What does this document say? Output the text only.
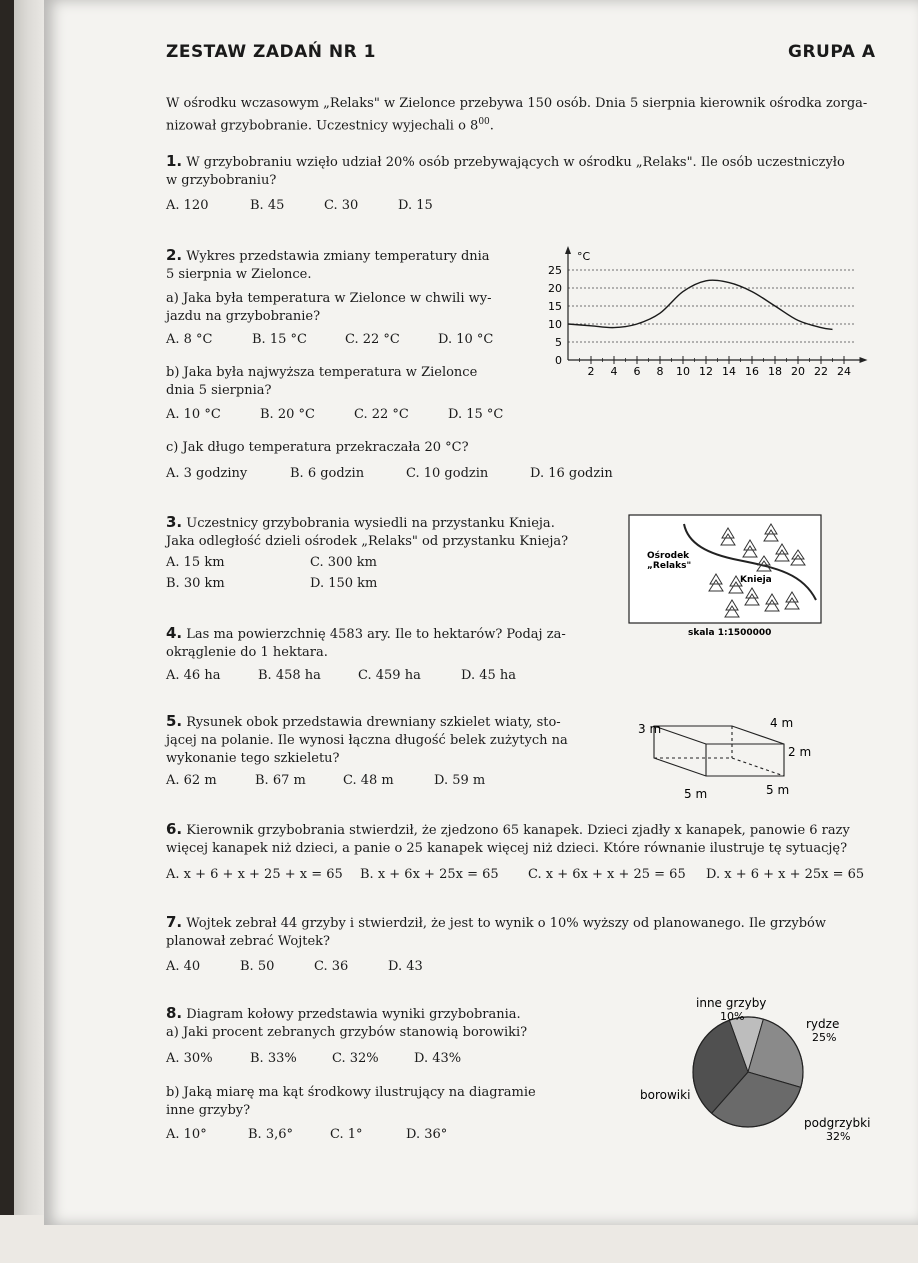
ZESTAW ZADAŃ NR 1	GRUPA A
W ośrodku wczasowym „Relaks" w Zielonce przebywa 150 osób. Dnia 5 sierpnia kierownik ośrodka zorga-
nizował grzybobranie. Uczestnicy wyjechali o $8^{00}$.
1. W grzybobraniu wzięło udział 20% osób przebywających w ośrodku „Relaks". Ile osób uczestniczyło
w grzybobraniu?
A. 120	B. 45	C. 30	D. 15
2. Wykres przedstawia zmiany temperatury dnia
5 sierpnia w Zielonce.
a) Jaka była temperatura w Zielonce w chwili wy-
jazdu na grzybobranie?
A. 8 °C	B. 15 °C	C. 22 °C	D. 10 °C
b) Jaka była najwyższa temperatura w Zielonce
dnia 5 sierpnia?
A. 10 °C	B. 20 °C	C. 22 °C	D. 15 °C
c) Jak długo temperatura przekraczała 20 °C?
A. 3 godziny	B. 6 godzin	C. 10 godzin	D. 16 godzin
0
5
10
15
20
25
°C
2 4 6 8 10 12 14 16 18 20 22 24
3. Uczestnicy grzybobrania wysiedli na przystanku Knieja.
Jaka odległość dzieli ośrodek „Relaks" od przystanku Knieja?
A. 15 km	C. 300 km
B. 30 km	D. 150 km
Ośrodek
„Relaks"
Knieja
skala 1:1500000
4. Las ma powierzchnię 4583 ary. Ile to hektarów? Podaj za-
okrąglenie do 1 hektara.
A. 46 ha	B. 458 ha	C. 459 ha	D. 45 ha
5. Rysunek obok przedstawia drewniany szkielet wiaty, sto-
jącej na polanie. Ile wynosi łączna długość belek zużytych na
wykonanie tego szkieletu?
A. 62 m	B. 67 m	C. 48 m	D. 59 m
3 m	4 m
2 m
5 m	5 m
6. Kierownik grzybobrania stwierdził, że zjedzono 65 kanapek. Dzieci zjadły x kanapek, panowie 6 razy
więcej kanapek niż dzieci, a panie o 25 kanapek więcej niż dzieci. Które równanie ilustruje tę sytuację?
A. x + 6 + x + 25 + x = 65 B. x + 6x + 25x = 65 C. x + 6x + x + 25 = 65 D. x + 6 + x + 25x = 65
7. Wojtek zebrał 44 grzyby i stwierdził, że jest to wynik o 10% wyższy od planowanego. Ile grzybów
planował zebrać Wojtek?
A. 40	B. 50	C. 36	D. 43
8. Diagram kołowy przedstawia wyniki grzybobrania.
a) Jaki procent zebranych grzybów stanowią borowiki?
A. 30%	B. 33%	C. 32%	D. 43%
b) Jaką miarę ma kąt środkowy ilustrujący na diagramie
inne grzyby?
A. 10°	B. 3,6°	C. 1°	D. 36°
inne grzyby
10%
rydze
25%
borowiki
podgrzybki
32%
